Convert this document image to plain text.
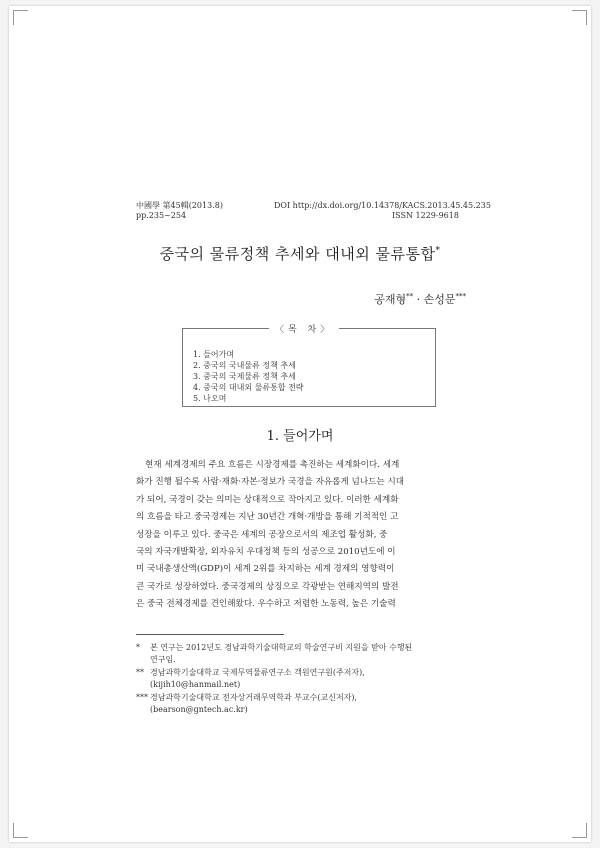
中國學 第45輯(2013.8)
pp.235~254
DOI http://dx.doi.org/10.14378/KACS.2013.45.45.235
ISSN 1229-9618
중국의 물류정책 추세와 대내외 물류통합*
공재형** · 손성문***
〈목 차〉
1. 들어가며
2. 중국의 국내물류 정책 추세
3. 중국의 국제물류 정책 추세
4. 중국의 대내외 물류통합 전략
5. 나오며
1. 들어가며
현재 세계경제의 주요 흐름은 시장경제를 촉진하는 세계화이다. 세계
화가 진행 될수록 사람·재화·자본·정보가 국경을 자유롭게 넘나드는 시대
가 되어, 국경이 갖는 의미는 상대적으로 작아지고 있다. 이러한 세계화
의 흐름을 타고 중국경제는 지난 30년간 개혁·개방을 통해 기적적인 고
성장을 이루고 있다. 중국은 세계의 공장으로서의 제조업 활성화, 중
국의 자국개발확장, 외자유치 우대정책 등의 성공으로 2010년도에 이
미 국내총생산액(GDP)이 세계 2위를 차지하는 세계 경제의 영향력이
큰 국가로 성장하였다. 중국경제의 상징으로 각광받는 연해지역의 발전
은 중국 전체경제를 견인해왔다. 우수하고 저렴한 노동력, 높은 기술력
* 본 연구는 2012년도 경남과학기술대학교의 학술연구비 지원을 받아 수행된
연구임.
** 경남과학기술대학교 국제무역물류연구소 객원연구원(주저자),
(kijih10@hanmail.net)
*** 경남과학기술대학교 전자상거래무역학과 부교수(교신저자),
(bearson@gntech.ac.kr)
